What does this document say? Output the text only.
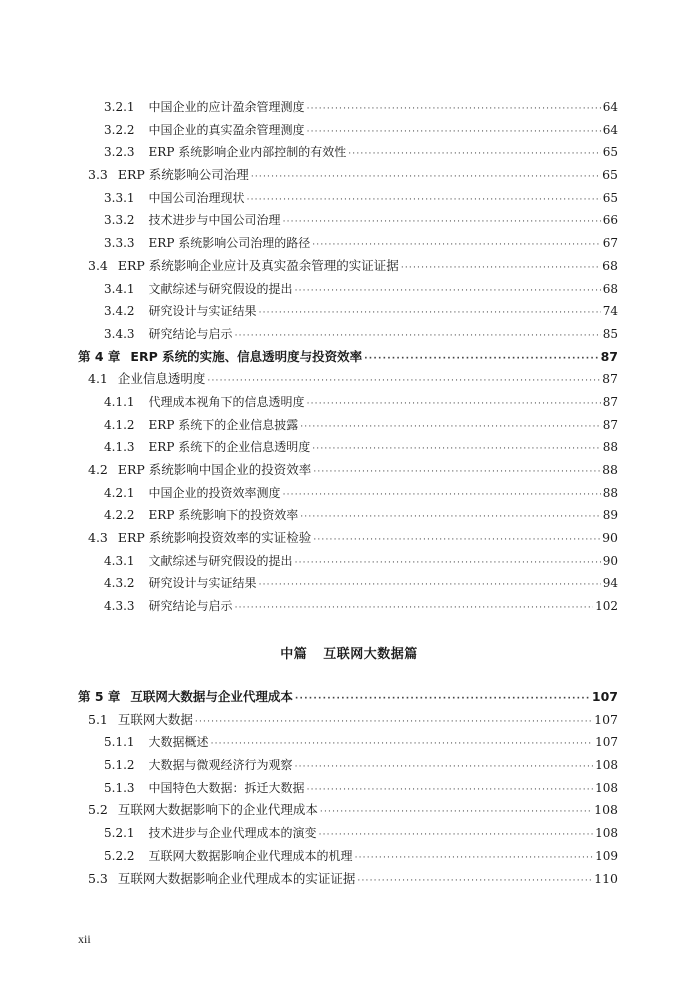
3.2.1 中国企业的应计盈余管理测度 ·····	64
3.2.2 中国企业的真实盈余管理测度 ·····	64
3.2.3 ERP 系统影响企业内部控制的有效性 ·····	65
3.3 ERP 系统影响公司治理 ·····	65
3.3.1 中国公司治理现状 ·····	65
3.3.2 技术进步与中国公司治理 ·····	66
3.3.3 ERP 系统影响公司治理的路径 ·····	67
3.4 ERP 系统影响企业应计及真实盈余管理的实证证据 ·····	68
3.4.1 文献综述与研究假设的提出 ·····	68
3.4.2 研究设计与实证结果 ·····	74
3.4.3 研究结论与启示 ·····	85
第 4 章 ERP 系统的实施、信息透明度与投资效率 ·····	87
4.1 企业信息透明度 ·····	87
4.1.1 代理成本视角下的信息透明度 ·····	87
4.1.2 ERP 系统下的企业信息披露 ·····	87
4.1.3 ERP 系统下的企业信息透明度 ·····	88
4.2 ERP 系统影响中国企业的投资效率 ·····	88
4.2.1 中国企业的投资效率测度 ·····	88
4.2.2 ERP 系统影响下的投资效率 ·····	89
4.3 ERP 系统影响投资效率的实证检验 ·····	90
4.3.1 文献综述与研究假设的提出 ·····	90
4.3.2 研究设计与实证结果 ·····	94
4.3.3 研究结论与启示 ·····	102
中篇 互联网大数据篇
第 5 章 互联网大数据与企业代理成本 ·····	107
5.1 互联网大数据 ·····	107
5.1.1 大数据概述 ·····	107
5.1.2 大数据与微观经济行为观察 ·····	108
5.1.3 中国特色大数据：拆迁大数据 ·····	108
5.2 互联网大数据影响下的企业代理成本 ·····	108
5.2.1 技术进步与企业代理成本的演变 ·····	108
5.2.2 互联网大数据影响企业代理成本的机理 ·····	109
5.3 互联网大数据影响企业代理成本的实证证据 ·····	110
xii
